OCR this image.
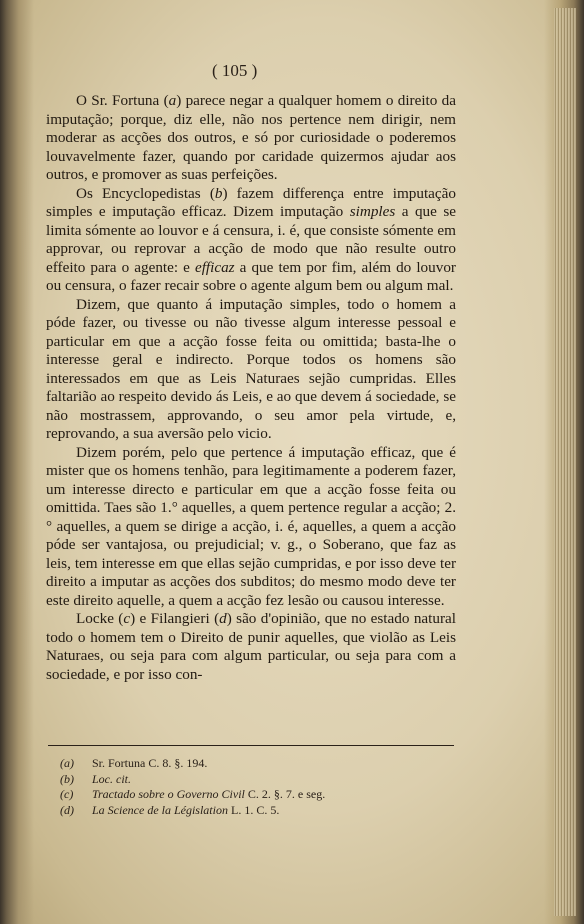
( 105 )

O Sr. Fortuna (a) parece negar a qualquer homem o direito da imputação; porque, diz elle, não nos pertence nem dirigir, nem moderar as acções dos outros, e só por curiosidade o poderemos louvavelmente fazer, quando por caridade quizermos ajudar aos outros, e promover as suas perfeições.

Os Encyclopedistas (b) fazem differença entre imputação simples e imputação efficaz. Dizem imputação simples a que se limita sómente ao louvor e á censura, i. é, que consiste sómente em approvar, ou reprovar a acção de modo que não resulte outro effeito para o agente: e efficaz a que tem por fim, além do louvor ou censura, o fazer recair sobre o agente algum bem ou algum mal.

Dizem, que quanto á imputação simples, todo o homem a póde fazer, ou tivesse ou não tivesse algum interesse pessoal e particular em que a acção fosse feita ou omittida; basta-lhe o interesse geral e indirecto. Porque todos os homens são interessados em que as Leis Naturaes sejão cumpridas. Elles faltarião ao respeito devido ás Leis, e ao que devem á sociedade, se não mostrassem, approvando, o seu amor pela virtude, e, reprovando, a sua aversão pelo vicio.

Dizem porém, pelo que pertence á imputação efficaz, que é mister que os homens tenhão, para legitimamente a poderem fazer, um interesse directo e particular em que a acção fosse feita ou omittida. Taes são 1.° aquelles, a quem pertence regular a acção; 2.° aquelles, a quem se dirige a acção, i. é, aquelles, a quem a acção póde ser vantajosa, ou prejudicial; v. g., o Soberano, que faz as leis, tem interesse em que ellas sejão cumpridas, e por isso deve ter direito a imputar as acções dos subditos; do mesmo modo deve ter este direito aquelle, a quem a acção fez lesão ou causou interesse.

Locke (c) e Filangieri (d) são d'opinião, que no estado natural todo o homem tem o Direito de punir aquelles, que violão as Leis Naturaes, ou seja para com algum particular, ou seja para com a sociedade, e por isso con-

(a) Sr. Fortuna C. 8. §. 194.
(b) Loc. cit.
(c) Tractado sobre o Governo Civil C. 2. §. 7. e seg.
(d) La Science de la Législation L. 1. C. 5.
